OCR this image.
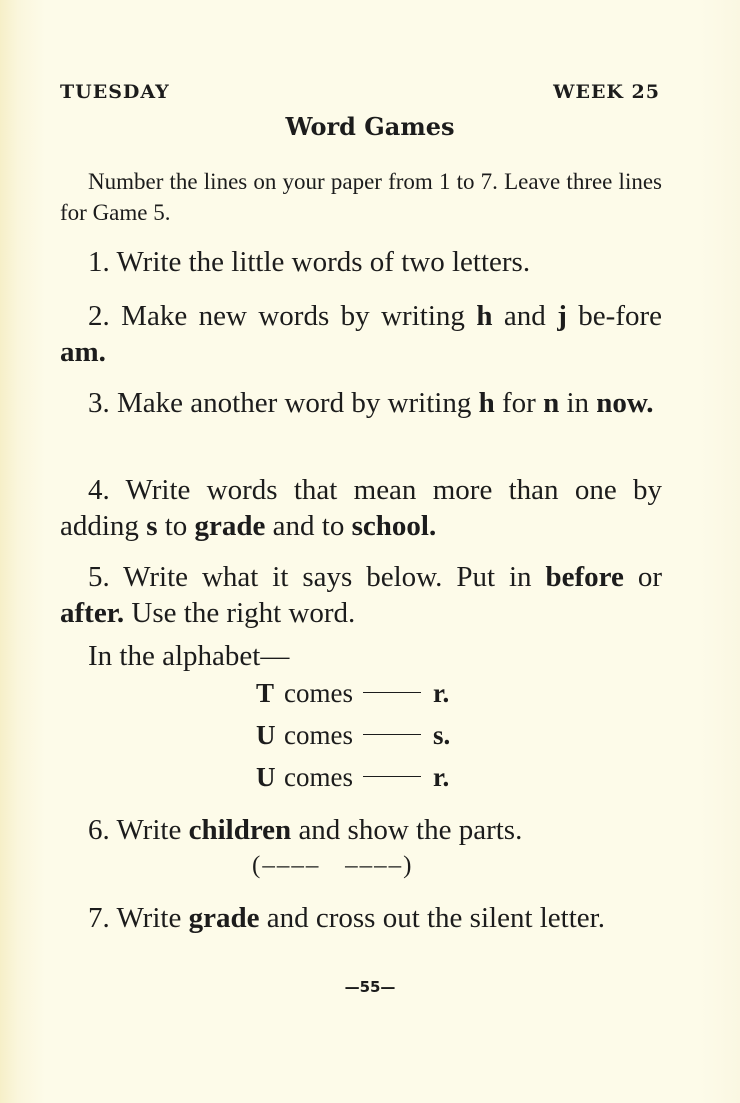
TUESDAY	WEEK 25
Word Games
Number the lines on your paper from 1 to 7. Leave three lines for Game 5.
1. Write the little words of two letters.
2. Make new words by writing h and j be-fore am.
3. Make another word by writing h for n in now.
4. Write words that mean more than one by adding s to grade and to school.
5. Write what it says below. Put in before or after. Use the right word.
In the alphabet—
T comes	r.
U comes	s.
U comes	r.
6. Write children and show the parts.
(––––   ––––)
7. Write grade and cross out the silent letter.
—55—
